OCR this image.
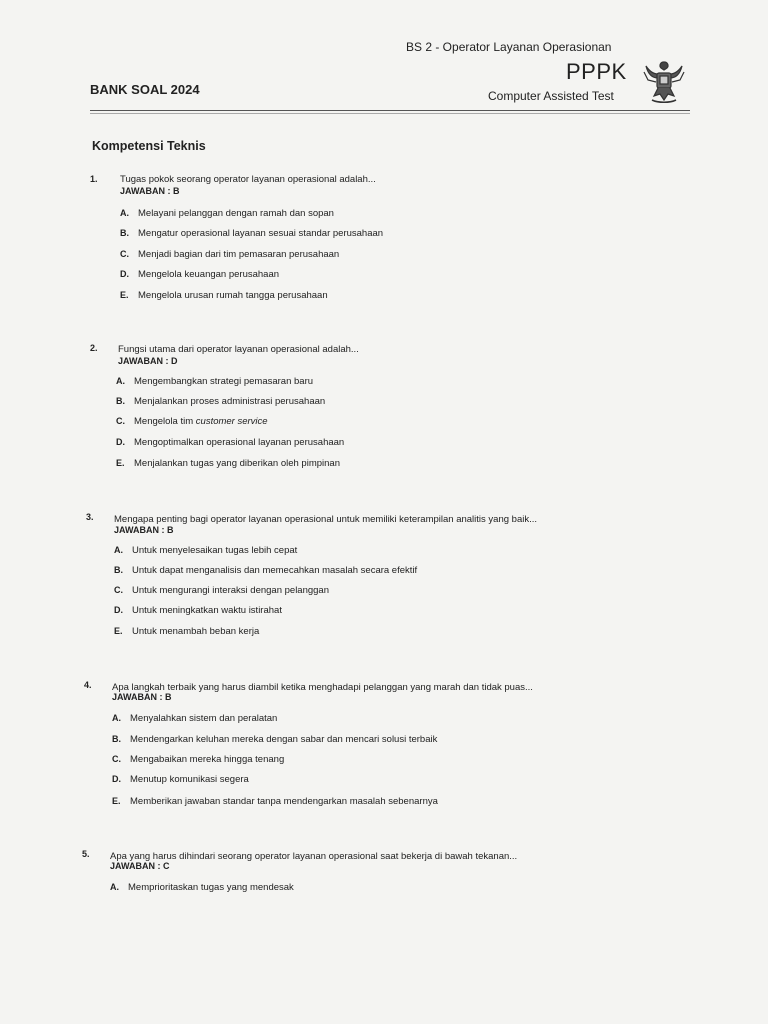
BS 2 - Operator Layanan Operasionan
PPPK
Computer Assisted Test
BANK SOAL 2024
Kompetensi Teknis
1. Tugas pokok seorang operator layanan operasional adalah...
JAWABAN : B
A. Melayani pelanggan dengan ramah dan sopan
B. Mengatur operasional layanan sesuai standar perusahaan
C. Menjadi bagian dari tim pemasaran perusahaan
D. Mengelola keuangan perusahaan
E. Mengelola urusan rumah tangga perusahaan
2. Fungsi utama dari operator layanan operasional adalah...
JAWABAN : D
A. Mengembangkan strategi pemasaran baru
B. Menjalankan proses administrasi perusahaan
C. Mengelola tim customer service
D. Mengoptimalkan operasional layanan perusahaan
E. Menjalankan tugas yang diberikan oleh pimpinan
3. Mengapa penting bagi operator layanan operasional untuk memiliki keterampilan analitis yang baik...
JAWABAN : B
A. Untuk menyelesaikan tugas lebih cepat
B. Untuk dapat menganalisis dan memecahkan masalah secara efektif
C. Untuk mengurangi interaksi dengan pelanggan
D. Untuk meningkatkan waktu istirahat
E. Untuk menambah beban kerja
4. Apa langkah terbaik yang harus diambil ketika menghadapi pelanggan yang marah dan tidak puas...
JAWABAN : B
A. Menyalahkan sistem dan peralatan
B. Mendengarkan keluhan mereka dengan sabar dan mencari solusi terbaik
C. Mengabaikan mereka hingga tenang
D. Menutup komunikasi segera
E. Memberikan jawaban standar tanpa mendengarkan masalah sebenarnya
5. Apa yang harus dihindari seorang operator layanan operasional saat bekerja di bawah tekanan...
JAWABAN : C
A. Memprioritaskan tugas yang mendesak
